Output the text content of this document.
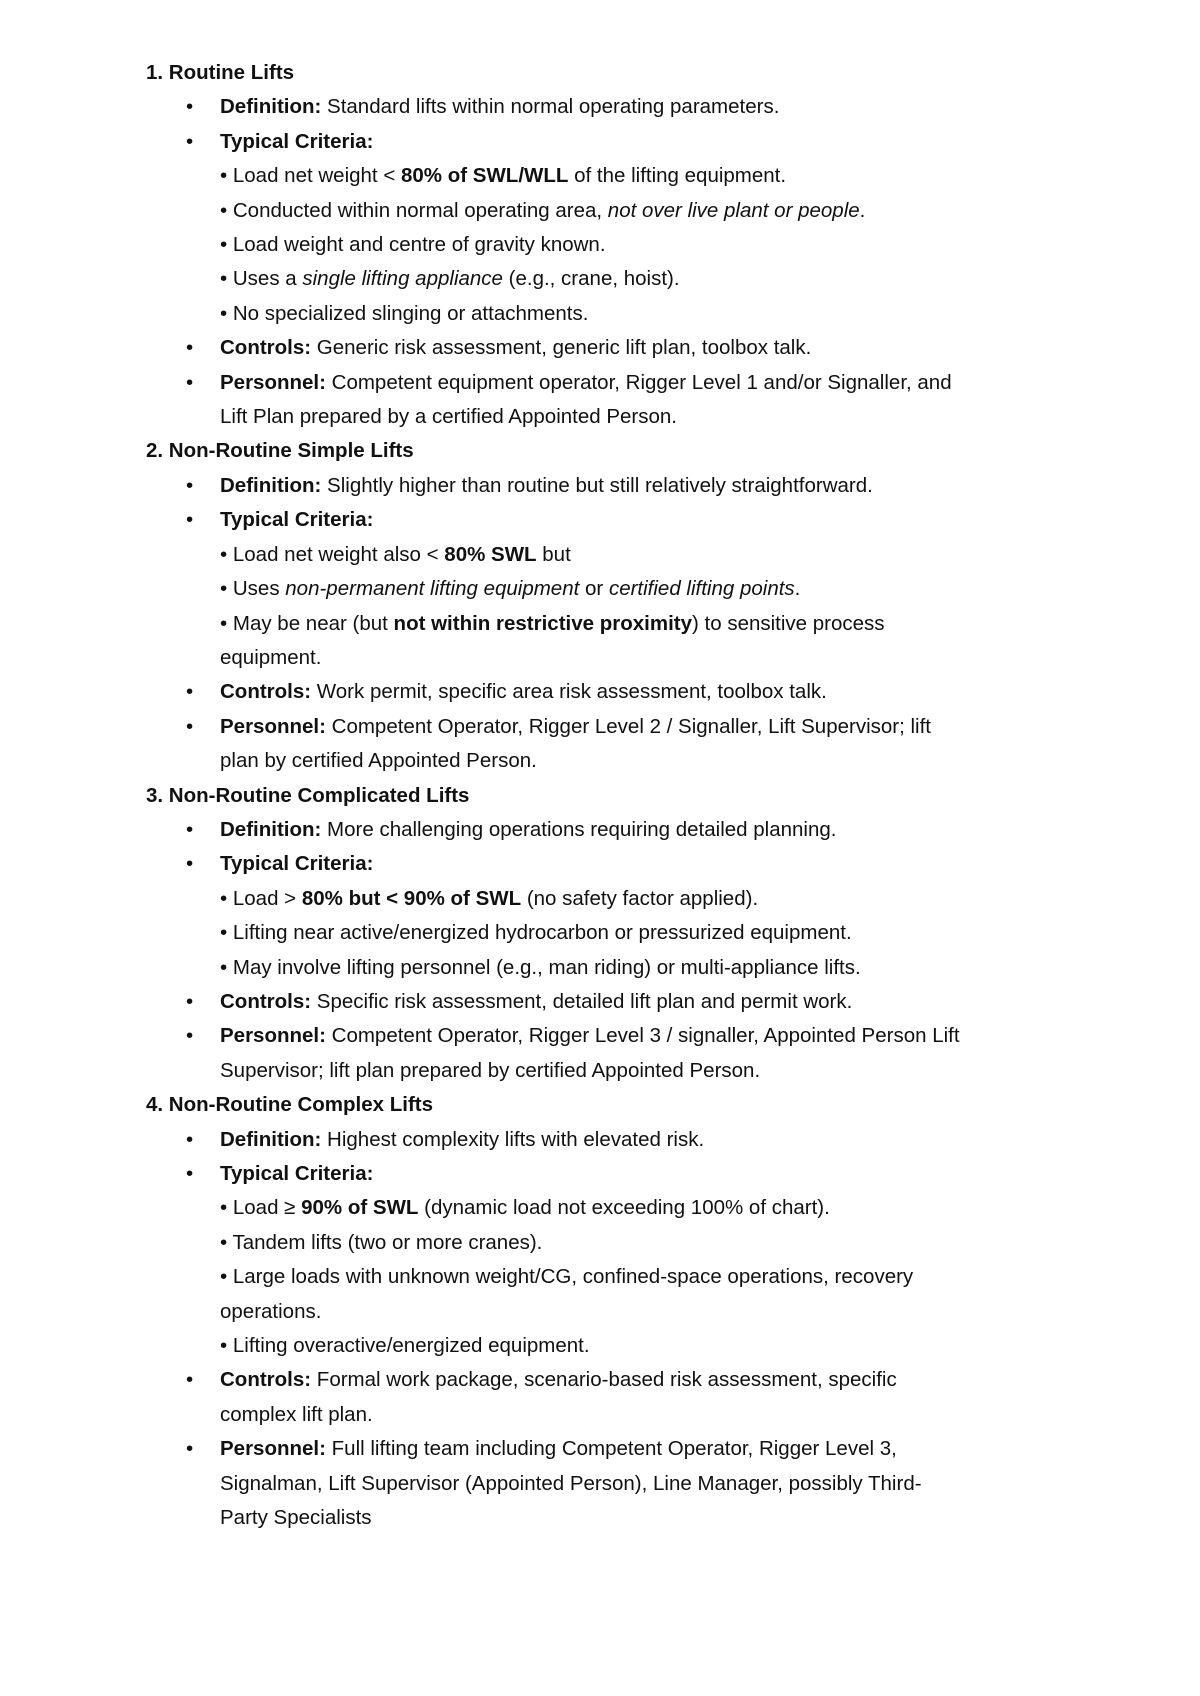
1. Routine Lifts
• Definition: Standard lifts within normal operating parameters.
• Typical Criteria:
• Load net weight < 80% of SWL/WLL of the lifting equipment.
• Conducted within normal operating area, not over live plant or people.
• Load weight and centre of gravity known.
• Uses a single lifting appliance (e.g., crane, hoist).
• No specialized slinging or attachments.
• Controls: Generic risk assessment, generic lift plan, toolbox talk.
• Personnel: Competent equipment operator, Rigger Level 1 and/or Signaller, and
Lift Plan prepared by a certified Appointed Person.
2. Non-Routine Simple Lifts
• Definition: Slightly higher than routine but still relatively straightforward.
• Typical Criteria:
• Load net weight also < 80% SWL but
• Uses non-permanent lifting equipment or certified lifting points.
• May be near (but not within restrictive proximity) to sensitive process
equipment.
• Controls: Work permit, specific area risk assessment, toolbox talk.
• Personnel: Competent Operator, Rigger Level 2 / Signaller, Lift Supervisor; lift
plan by certified Appointed Person.
3. Non-Routine Complicated Lifts
• Definition: More challenging operations requiring detailed planning.
• Typical Criteria:
• Load > 80% but < 90% of SWL (no safety factor applied).
• Lifting near active/energized hydrocarbon or pressurized equipment.
• May involve lifting personnel (e.g., man riding) or multi-appliance lifts.
• Controls: Specific risk assessment, detailed lift plan and permit work.
• Personnel: Competent Operator, Rigger Level 3 / signaller, Appointed Person Lift
Supervisor; lift plan prepared by certified Appointed Person.
4. Non-Routine Complex Lifts
• Definition: Highest complexity lifts with elevated risk.
• Typical Criteria:
• Load ≥ 90% of SWL (dynamic load not exceeding 100% of chart).
• Tandem lifts (two or more cranes).
• Large loads with unknown weight/CG, confined-space operations, recovery
operations.
• Lifting overactive/energized equipment.
• Controls: Formal work package, scenario-based risk assessment, specific
complex lift plan.
• Personnel: Full lifting team including Competent Operator, Rigger Level 3,
Signalman, Lift Supervisor (Appointed Person), Line Manager, possibly Third-
Party Specialists
